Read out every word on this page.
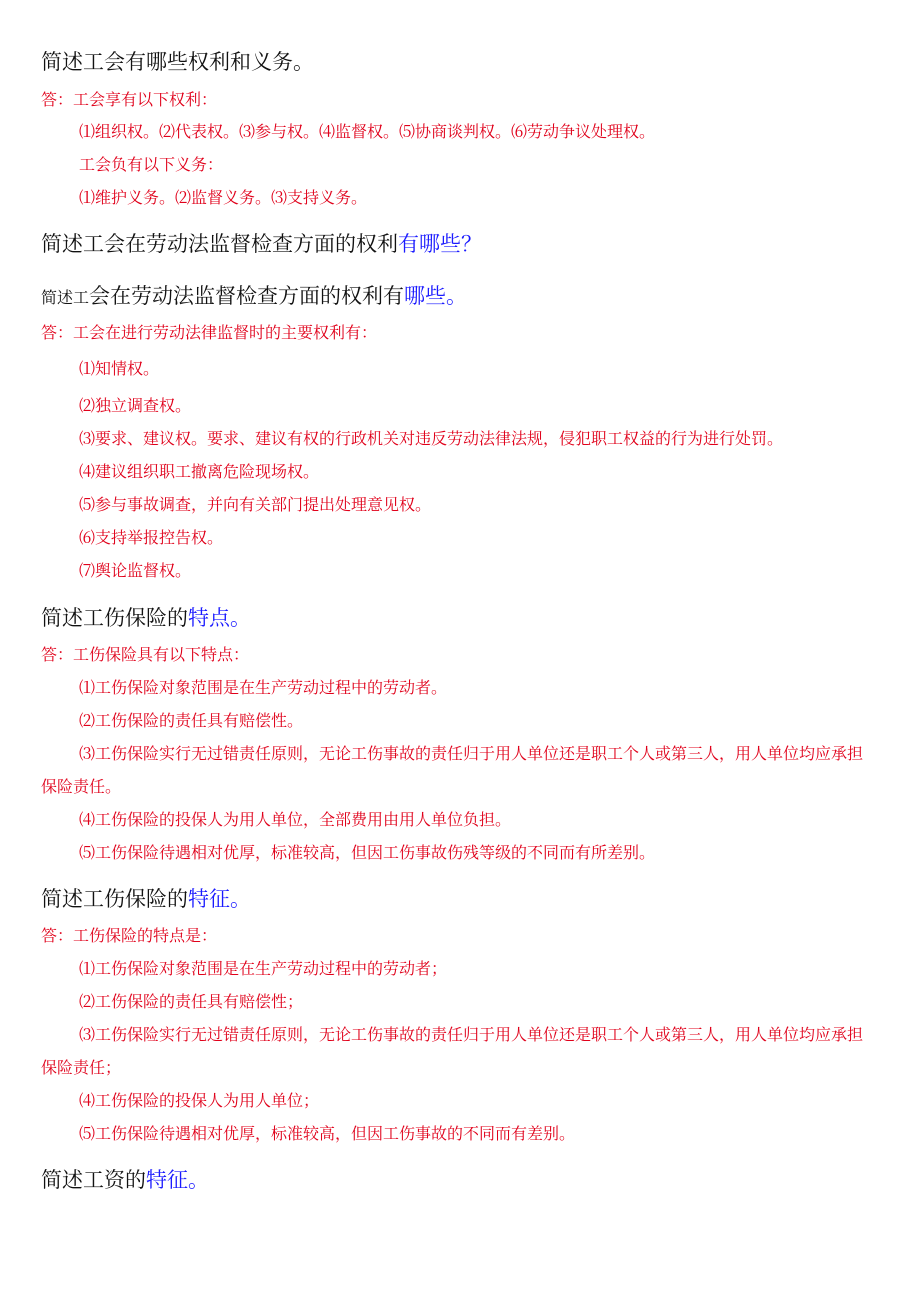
简述工会有哪些权利和义务。
答：工会享有以下权利：
⑴组织权。⑵代表权。⑶参与权。⑷监督权。⑸协商谈判权。⑹劳动争议处理权。
工会负有以下义务：
⑴维护义务。⑵监督义务。⑶支持义务。
简述工会在劳动法监督检查方面的权利有哪些？
简述工会在劳动法监督检查方面的权利有哪些。
答：工会在进行劳动法律监督时的主要权利有：
⑴知情权。
⑵独立调查权。
⑶要求、建议权。要求、建议有权的行政机关对违反劳动法律法规，侵犯职工权益的行为进行处罚。
⑷建议组织职工撤离危险现场权。
⑸参与事故调查，并向有关部门提出处理意见权。
⑹支持举报控告权。
⑺舆论监督权。
简述工伤保险的特点。
答：工伤保险具有以下特点：
⑴工伤保险对象范围是在生产劳动过程中的劳动者。
⑵工伤保险的责任具有赔偿性。
⑶工伤保险实行无过错责任原则，无论工伤事故的责任归于用人单位还是职工个人或第三人，用人单位均应承担保险责任。
⑷工伤保险的投保人为用人单位，全部费用由用人单位负担。
⑸工伤保险待遇相对优厚，标准较高，但因工伤事故伤残等级的不同而有所差别。
简述工伤保险的特征。
答：工伤保险的特点是：
⑴工伤保险对象范围是在生产劳动过程中的劳动者；
⑵工伤保险的责任具有赔偿性；
⑶工伤保险实行无过错责任原则，无论工伤事故的责任归于用人单位还是职工个人或第三人，用人单位均应承担保险责任；
⑷工伤保险的投保人为用人单位；
⑸工伤保险待遇相对优厚，标准较高，但因工伤事故的不同而有差别。
简述工资的特征。
